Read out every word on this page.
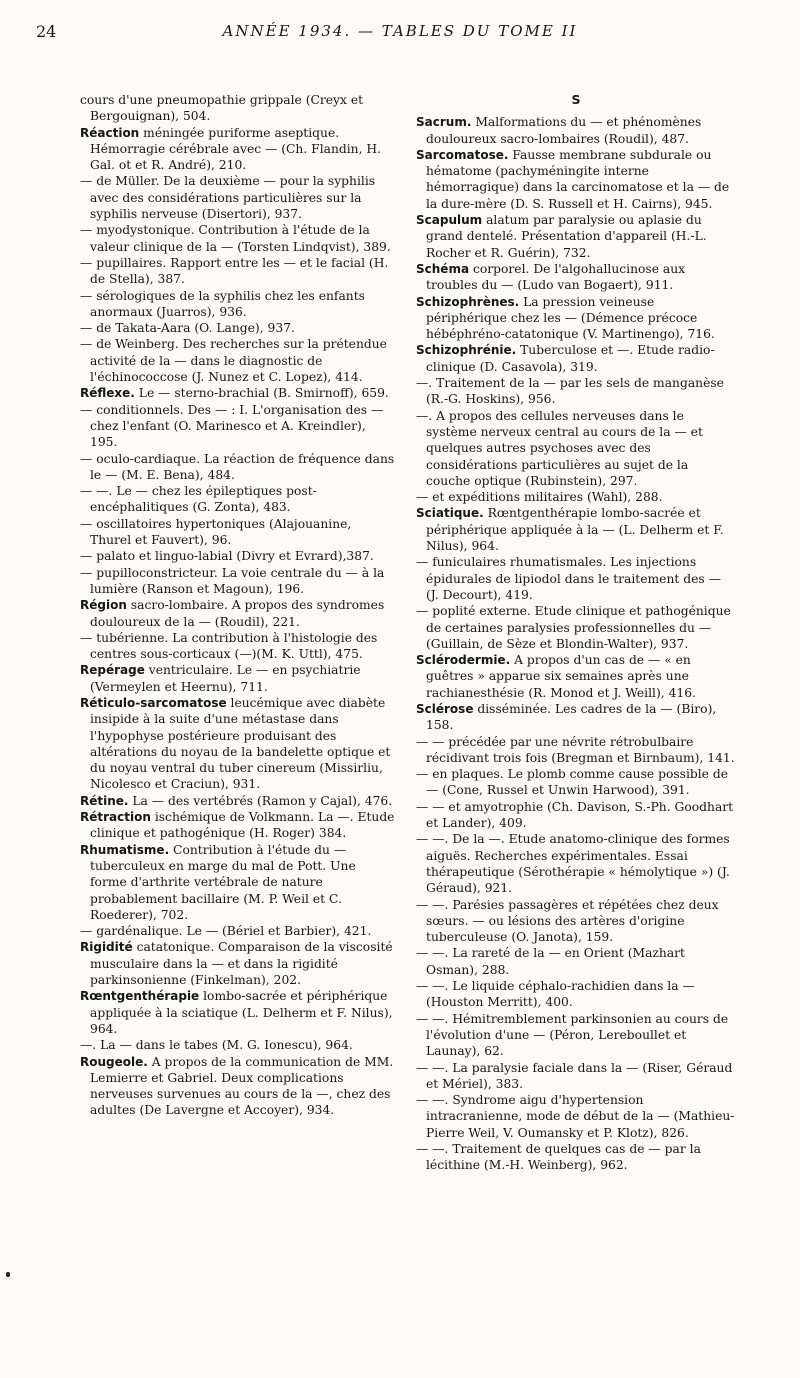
24	ANNÉE 1934. — TABLES DU TOME II
cours d'une pneumopathie grippale (Creyx et Bergouignan), 504.
Réaction méningée puriforme aseptique. Hémorragie cérébrale avec — (Ch. Flandin, H. Gal. ot et R. André), 210.
— de Müller. De la deuxième — pour la syphilis avec des considérations particulières sur la syphilis nerveuse (Disertori), 937.
— myodystonique. Contribution à l'étude de la valeur clinique de la — (Torsten Lindqvist), 389.
— pupillaires. Rapport entre les — et le facial (H. de Stella), 387.
— sérologiques de la syphilis chez les enfants anormaux (Juarros), 936.
— de Takata-Aara (O. Lange), 937.
— de Weinberg. Des recherches sur la prétendue activité de la — dans le diagnostic de l'échinococcose (J. Nunez et C. Lopez), 414.
Réflexe. Le — sterno-brachial (B. Smirnoff), 659.
— conditionnels. Des — : I. L'organisation des — chez l'enfant (O. Marinesco et A. Kreindler), 195.
— oculo-cardiaque. La réaction de fréquence dans le — (M. E. Bena), 484.
— —. Le — chez les épileptiques post-encéphalitiques (G. Zonta), 483.
— oscillatoires hypertoniques (Alajouanine, Thurel et Fauvert), 96.
— palato et linguo-labial (Divry et Evrard),387.
— pupilloconstricteur. La voie centrale du — à la lumière (Ranson et Magoun), 196.
Région sacro-lombaire. A propos des syndromes douloureux de la — (Roudil), 221.
— tubérienne. La contribution à l'histologie des centres sous-corticaux (—)(M. K. Uttl), 475.
Repérage ventriculaire. Le — en psychiatrie (Vermeylen et Heernu), 711.
Réticulo-sarcomatose leucémique avec diabète insipide à la suite d'une métastase dans l'hypophyse postérieure produisant des altérations du noyau de la bandelette optique et du noyau ventral du tuber cinereum (Missirliu, Nicolesco et Craciun), 931.
Rétine. La — des vertébrés (Ramon y Cajal), 476.
Rétraction ischémique de Volkmann. La —. Etude clinique et pathogénique (H. Roger) 384.
Rhumatisme. Contribution à l'étude du — tuberculeux en marge du mal de Pott. Une forme d'arthrite vertébrale de nature probablement bacillaire (M. P. Weil et C. Roederer), 702.
— gardénalique. Le — (Bériel et Barbier), 421.
Rigidité catatonique. Comparaison de la viscosité musculaire dans la — et dans la rigidité parkinsonienne (Finkelman), 202.
Rœntgenthérapie lombo-sacrée et périphérique appliquée à la sciatique (L. Delherm et F. Nilus), 964.
—. La — dans le tabes (M. G. Ionescu), 964.
Rougeole. A propos de la communication de MM. Lemierre et Gabriel. Deux complications nerveuses survenues au cours de la —, chez des adultes (De Lavergne et Accoyer), 934.
S
Sacrum. Malformations du — et phénomènes douloureux sacro-lombaires (Roudil), 487.
Sarcomatose. Fausse membrane subdurale ou hématome (pachyméningite interne hémorragique) dans la carcinomatose et la — de la dure-mère (D. S. Russell et H. Cairns), 945.
Scapulum alatum par paralysie ou aplasie du grand dentelé. Présentation d'appareil (H.-L. Rocher et R. Guérin), 732.
Schéma corporel. De l'algohallucinose aux troubles du — (Ludo van Bogaert), 911.
Schizophrènes. La pression veineuse périphérique chez les — (Démence précoce hébéphréno-catatonique (V. Martinengo), 716.
Schizophrénie. Tuberculose et —. Etude radio-clinique (D. Casavola), 319.
—. Traitement de la — par les sels de manganèse (R.-G. Hoskins), 956.
—. A propos des cellules nerveuses dans le système nerveux central au cours de la — et quelques autres psychoses avec des considérations particulières au sujet de la couche optique (Rubinstein), 297.
— et expéditions militaires (Wahl), 288.
Sciatique. Rœntgenthérapie lombo-sacrée et périphérique appliquée à la — (L. Delherm et F. Nilus), 964.
— funiculaires rhumatismales. Les injections épidurales de lipiodol dans le traitement des — (J. Decourt), 419.
— poplité externe. Etude clinique et pathogénique de certaines paralysies professionnelles du — (Guillain, de Sèze et Blondin-Walter), 937.
Sclérodermie. A propos d'un cas de — « en guêtres » apparue six semaines après une rachianesthésie (R. Monod et J. Weill), 416.
Sclérose disséminée. Les cadres de la — (Biro), 158.
— — précédée par une névrite rétrobulbaire récidivant trois fois (Bregman et Birnbaum), 141.
— en plaques. Le plomb comme cause possible de — (Cone, Russel et Unwin Harwood), 391.
— — et amyotrophie (Ch. Davison, S.-Ph. Goodhart et Lander), 409.
— —. De la —. Etude anatomo-clinique des formes aiguës. Recherches expérimentales. Essai thérapeutique (Sérothérapie « hémolytique ») (J. Géraud), 921.
— —. Parésies passagères et répétées chez deux sœurs. — ou lésions des artères d'origine tuberculeuse (O. Janota), 159.
— —. La rareté de la — en Orient (Mazhart Osman), 288.
— —. Le liquide céphalo-rachidien dans la — (Houston Merritt), 400.
— —. Hémitremblement parkinsonien au cours de l'évolution d'une — (Péron, Lereboullet et Launay), 62.
— —. La paralysie faciale dans la — (Riser, Géraud et Mériel), 383.
— —. Syndrome aigu d'hypertension intracranienne, mode de début de la — (Mathieu-Pierre Weil, V. Oumansky et P. Klotz), 826.
— —. Traitement de quelques cas de — par la lécithine (M.-H. Weinberg), 962.
